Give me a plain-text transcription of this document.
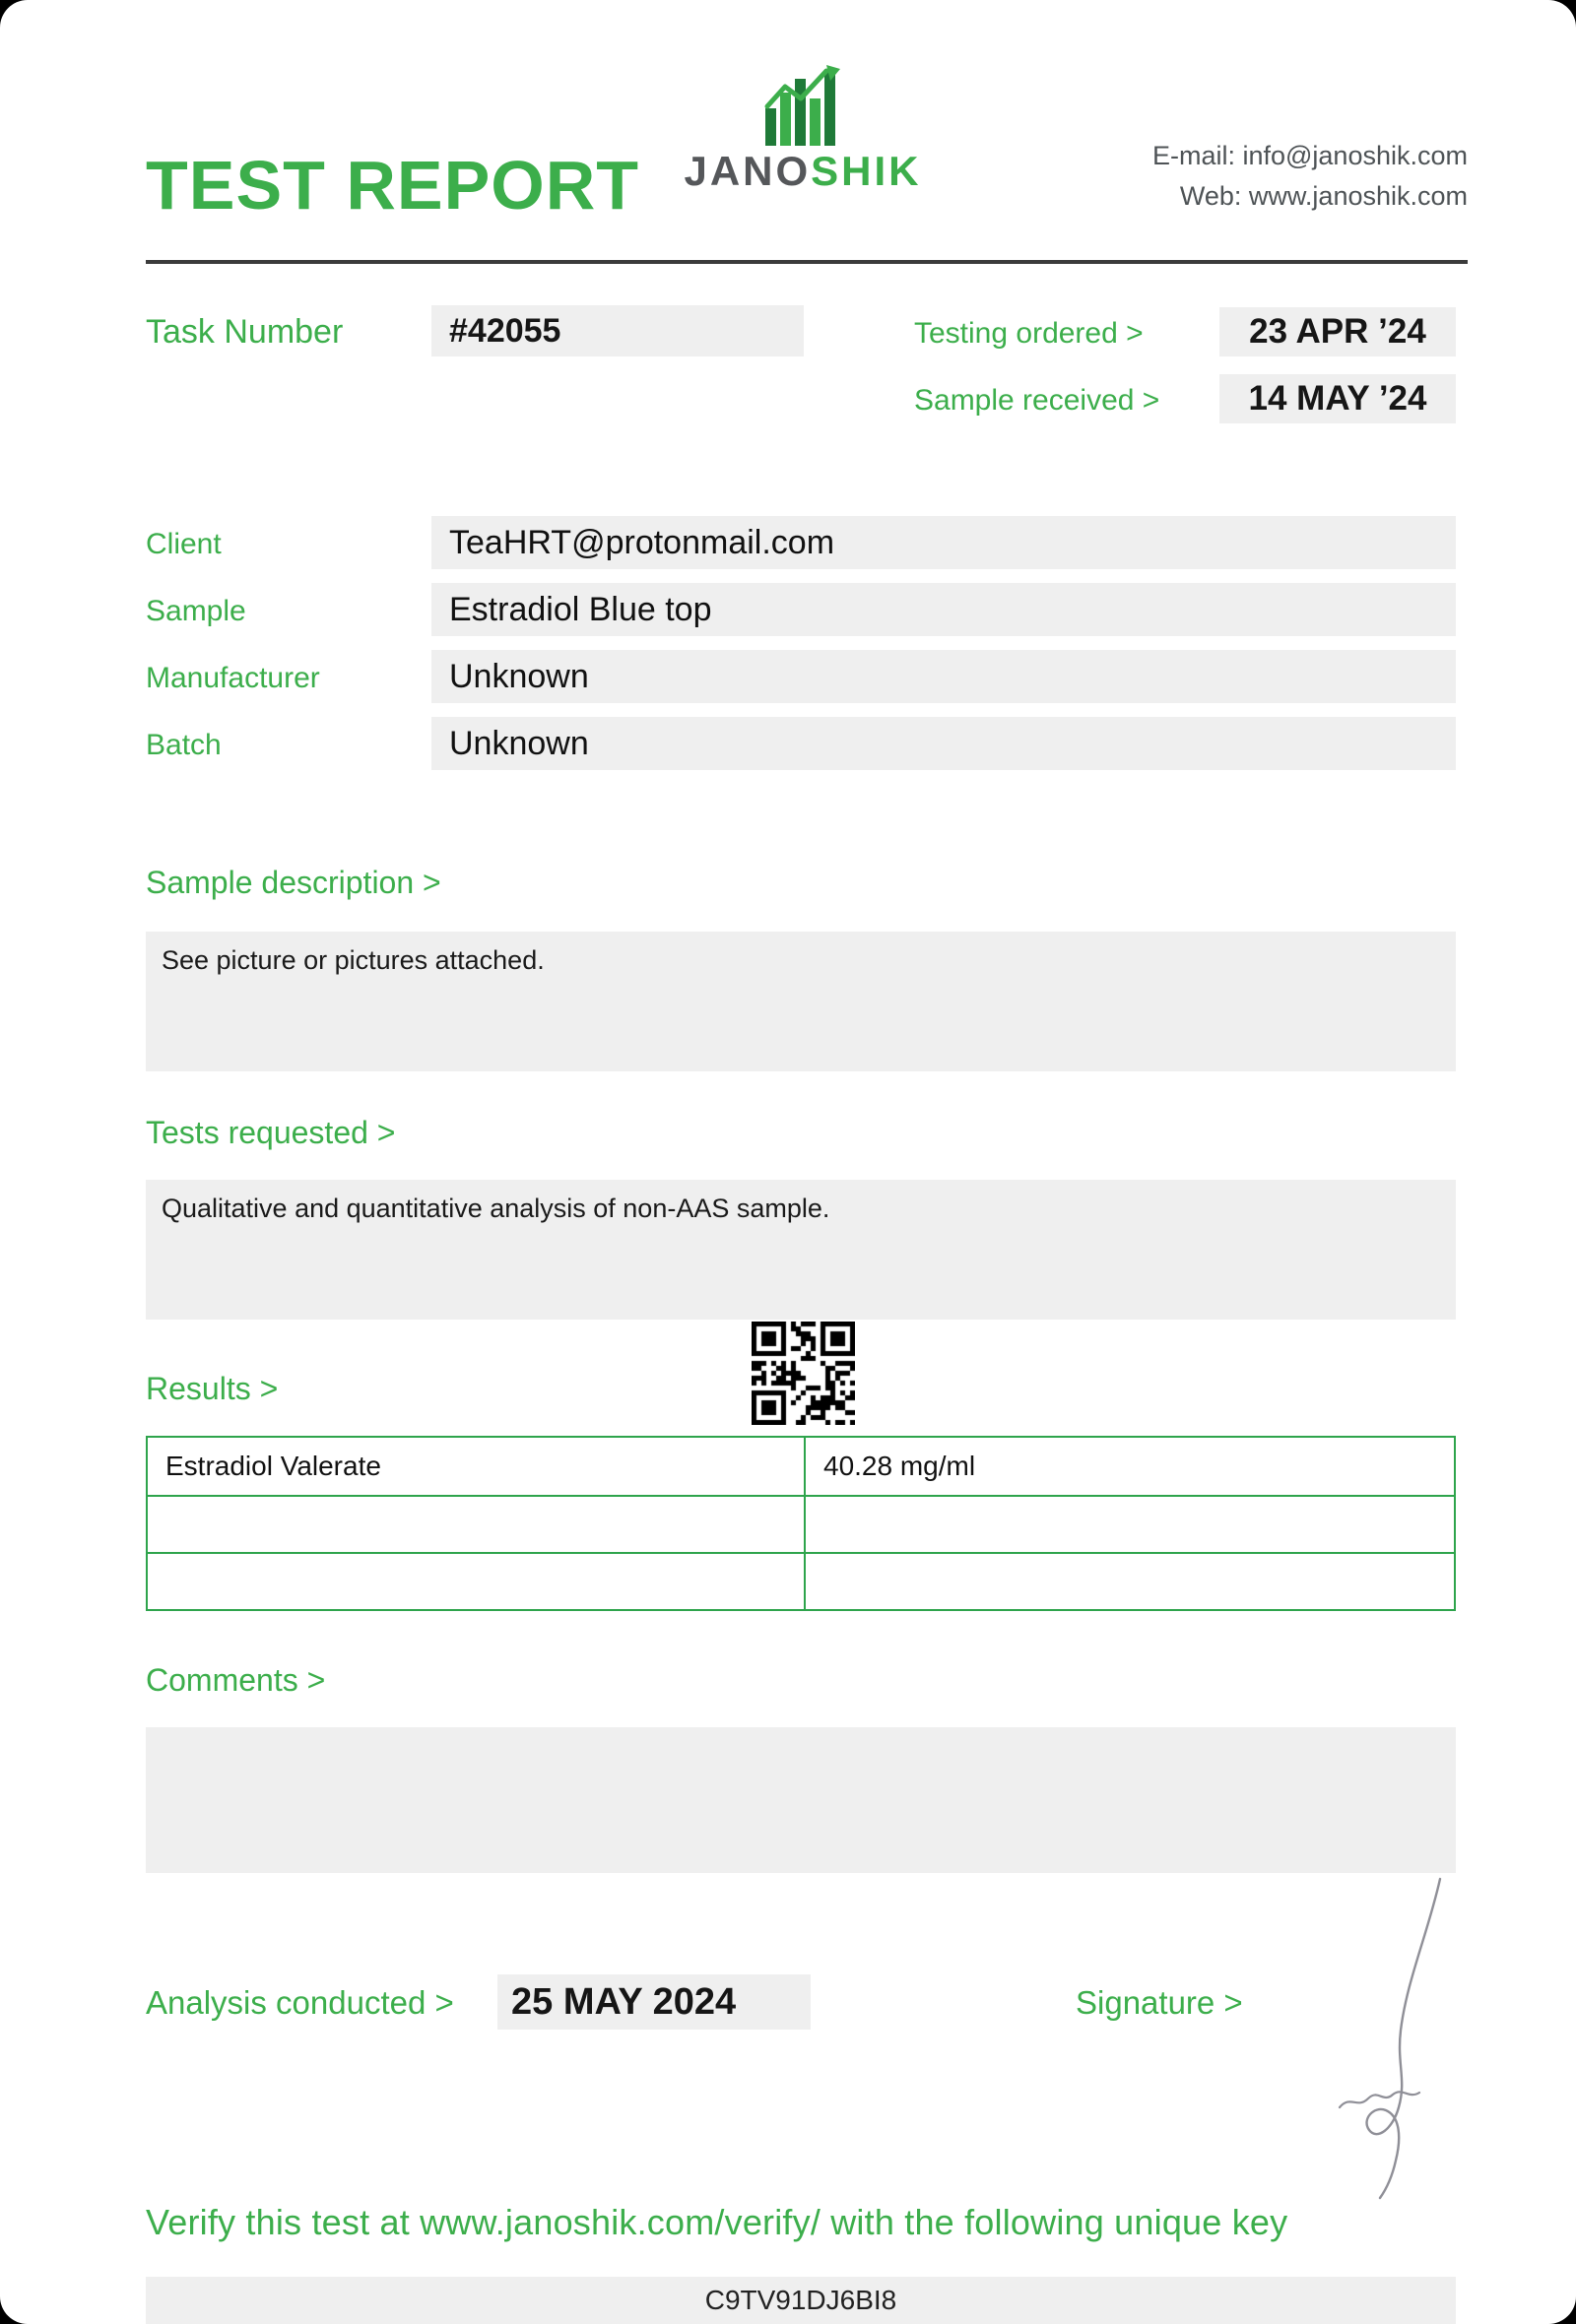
TEST REPORT JANOSHIK	E-mail: info@janoshik.com
Web: www.janoshik.com
Task Number	#42055	Testing ordered >	23 APR ’24
Sample received >	14 MAY ’24
Client	TeaHRT@protonmail.com
Sample	Estradiol Blue top
Manufacturer	Unknown
Batch	Unknown
Sample description >
See picture or pictures attached.
Tests requested >
Qualitative and quantitative analysis of non-AAS sample.
Results >
Estradiol Valerate	40.28 mg/ml
Comments >
Analysis conducted >	25 MAY 2024	Signature >
Verify this test at www.janoshik.com/verify/ with the following unique key
C9TV91DJ6BI8
